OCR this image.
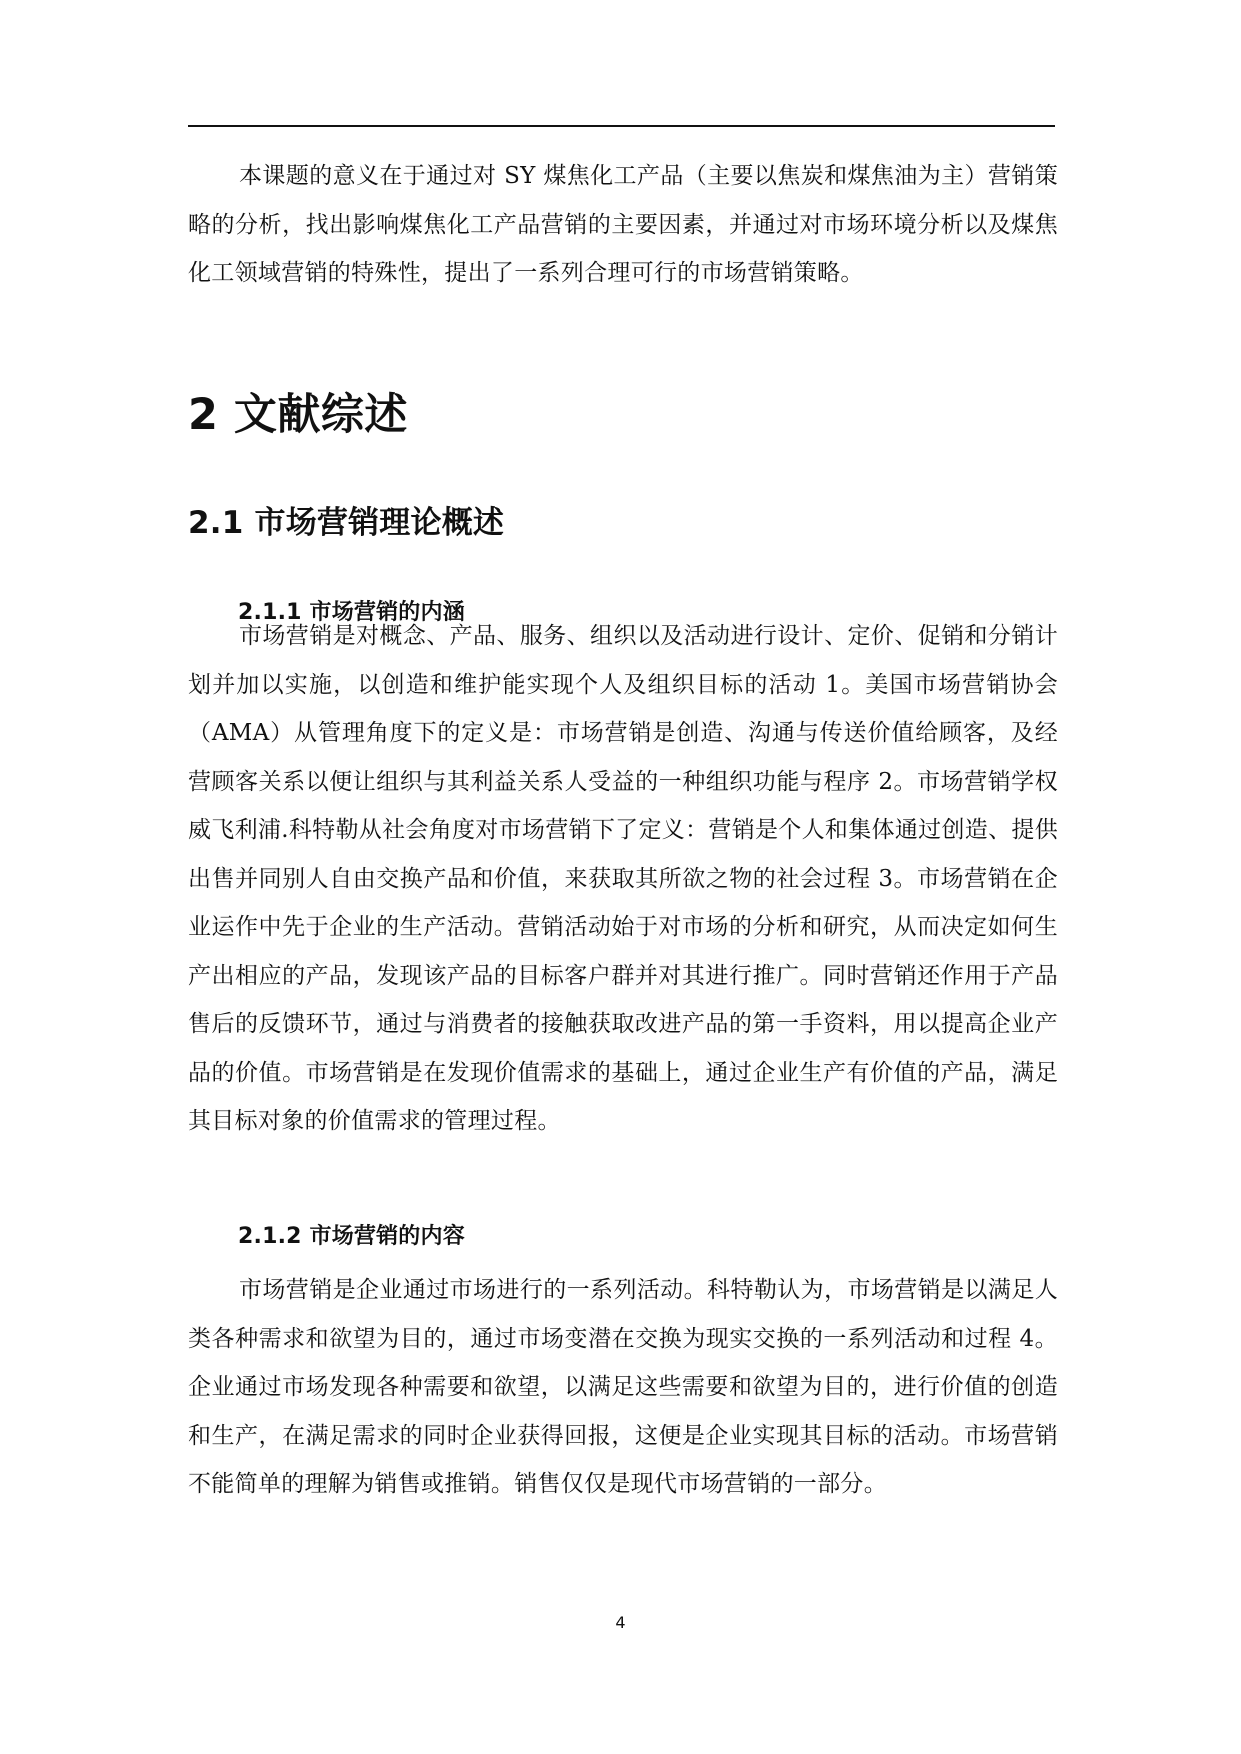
本课题的意义在于通过对 SY 煤焦化工产品（主要以焦炭和煤焦油为主）营销策略的分析，找出影响煤焦化工产品营销的主要因素，并通过对市场环境分析以及煤焦化工领域营销的特殊性，提出了一系列合理可行的市场营销策略。

2 文献综述
2.1 市场营销理论概述
2.1.1 市场营销的内涵

市场营销是对概念、产品、服务、组织以及活动进行设计、定价、促销和分销计划并加以实施，以创造和维护能实现个人及组织目标的活动 1。美国市场营销协会（AMA）从管理角度下的定义是：市场营销是创造、沟通与传送价值给顾客，及经营顾客关系以便让组织与其利益关系人受益的一种组织功能与程序 2。市场营销学权威飞利浦.科特勒从社会角度对市场营销下了定义：营销是个人和集体通过创造、提供出售并同别人自由交换产品和价值，来获取其所欲之物的社会过程 3。市场营销在企业运作中先于企业的生产活动。营销活动始于对市场的分析和研究，从而决定如何生产出相应的产品，发现该产品的目标客户群并对其进行推广。同时营销还作用于产品售后的反馈环节，通过与消费者的接触获取改进产品的第一手资料，用以提高企业产品的价值。市场营销是在发现价值需求的基础上，通过企业生产有价值的产品，满足其目标对象的价值需求的管理过程。

2.1.2 市场营销的内容

市场营销是企业通过市场进行的一系列活动。科特勒认为，市场营销是以满足人类各种需求和欲望为目的，通过市场变潜在交换为现实交换的一系列活动和过程 4。企业通过市场发现各种需要和欲望，以满足这些需要和欲望为目的，进行价值的创造和生产，在满足需求的同时企业获得回报，这便是企业实现其目标的活动。市场营销不能简单的理解为销售或推销。销售仅仅是现代市场营销的一部分。

4
